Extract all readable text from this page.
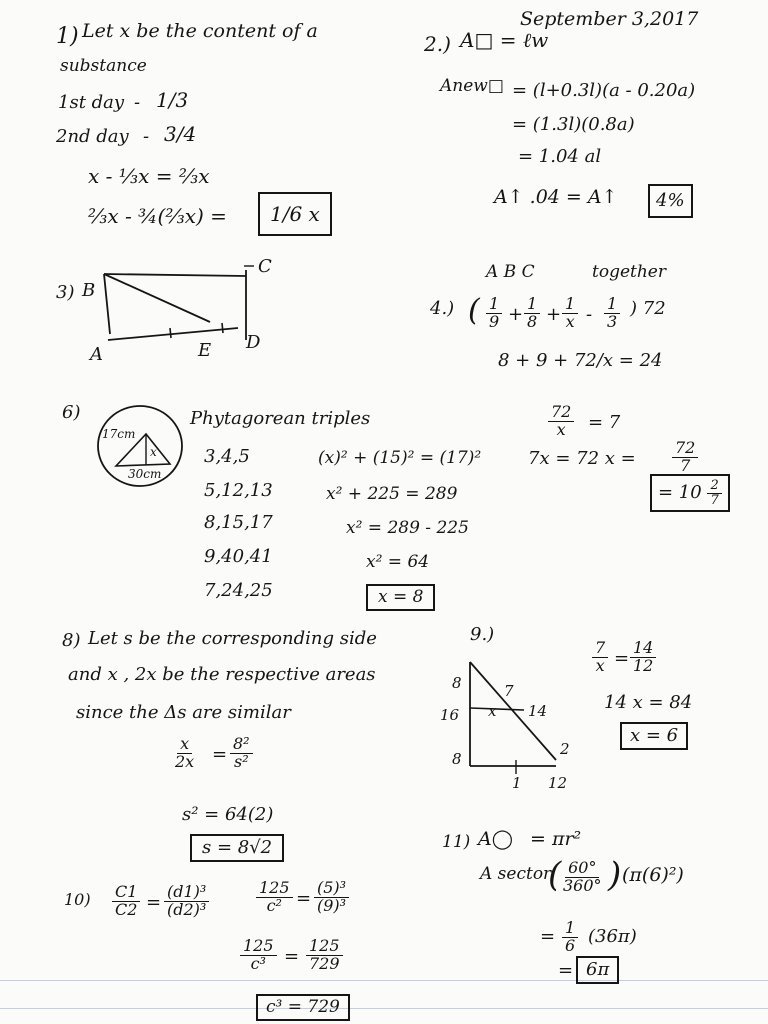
September 3,2017
1) Let x be the content of a
substance
1st day - 1/3
2nd day - 3/4
x - ⅓x = ⅔x
⅔x - ¾(⅔x) =	1/6 x
2.) A□ = ℓw
Anew□ = (l+0.3l)(a - 0.20a)
= (1.3l)(0.8a)
= 1.04 al
A↑ .04 = A↑	4%
3) B
C
A	E D
A B C	together
4.) ( $\frac{1}{9} + \frac{1}{8} + \frac{1}{x} - \frac{1}{3}$ ) 72
8 + 9 + 72/x = 24
$\frac{72}{x} = 7$
7x = 72 $x = \frac{72}{7}$
= $10 \frac{2}{7}$
6)
17cm
x
30cm
Phytagorean triples
3,4,5
5,12,13
8,15,17
9,40,41
7,24,25
(x)² + (15)² = (17)²
x² + 225 = 289
x² = 289 - 225
x² = 64
x = 8
8) Let s be the corresponding side
and x , 2x be the respective areas
since the Δs are similar
$\frac{x}{2x} = \frac{\text{8²}}{\text{s²}}$
s² = 64(2)
s = 8√2
9.)
8	7
16 x 14
2
8
1 12
$\frac{7}{x} = \frac{14}{12}$
14 x = 84
x = 6
$10) \frac{C1}{C2} = \frac{\text{(d1)³}}{\text{(d2)³}}$	$\frac{125}{\text{c²}} = \frac{\text{(5)³}}{\text{(9)³}}$
$\frac{125}{\text{c³}} = \frac{125}{729}$
c³ = 729
11) A◯ = πr²
A sector
(
$\frac{60^\circ}{360^\circ}$ ) (π(6)²)
= $\frac{1}{6} (36\pi)$
= 6π
